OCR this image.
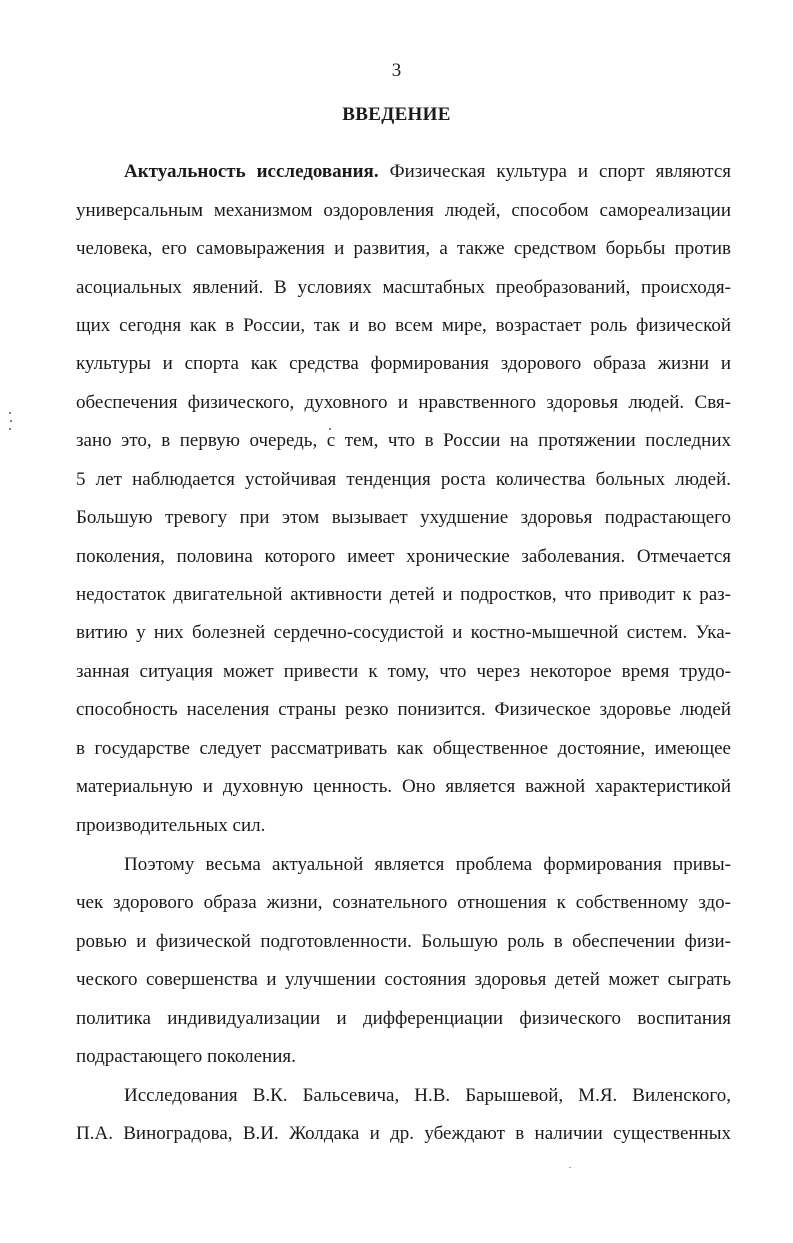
3
ВВЕДЕНИЕ
Актуальность исследования. Физическая культура и спорт являются
универсальным механизмом оздоровления людей, способом самореализации
человека, его самовыражения и развития, а также средством борьбы против
асоциальных явлений. В условиях масштабных преобразований, происходя-
щих сегодня как в России, так и во всем мире, возрастает роль физической
культуры и спорта как средства формирования здорового образа жизни и
обеспечения физического, духовного и нравственного здоровья людей. Свя-
зано это, в первую очередь, с тем, что в России на протяжении последних
5 лет наблюдается устойчивая тенденция роста количества больных людей.
Большую тревогу при этом вызывает ухудшение здоровья подрастающего
поколения, половина которого имеет хронические заболевания. Отмечается
недостаток двигательной активности детей и подростков, что приводит к раз-
витию у них болезней сердечно-сосудистой и костно-мышечной систем. Ука-
занная ситуация может привести к тому, что через некоторое время трудо-
способность населения страны резко понизится. Физическое здоровье людей
в государстве следует рассматривать как общественное достояние, имеющее
материальную и духовную ценность. Оно является важной характеристикой
производительных сил.
Поэтому весьма актуальной является проблема формирования привы-
чек здорового образа жизни, сознательного отношения к собственному здо-
ровью и физической подготовленности. Большую роль в обеспечении физи-
ческого совершенства и улучшении состояния здоровья детей может сыграть
политика индивидуализации и дифференциации физического воспитания
подрастающего поколения.
Исследования В.К. Бальсевича, Н.В. Барышевой, М.Я. Виленского,
П.А. Виноградова, В.И. Жолдака и др. убеждают в наличии существенных
